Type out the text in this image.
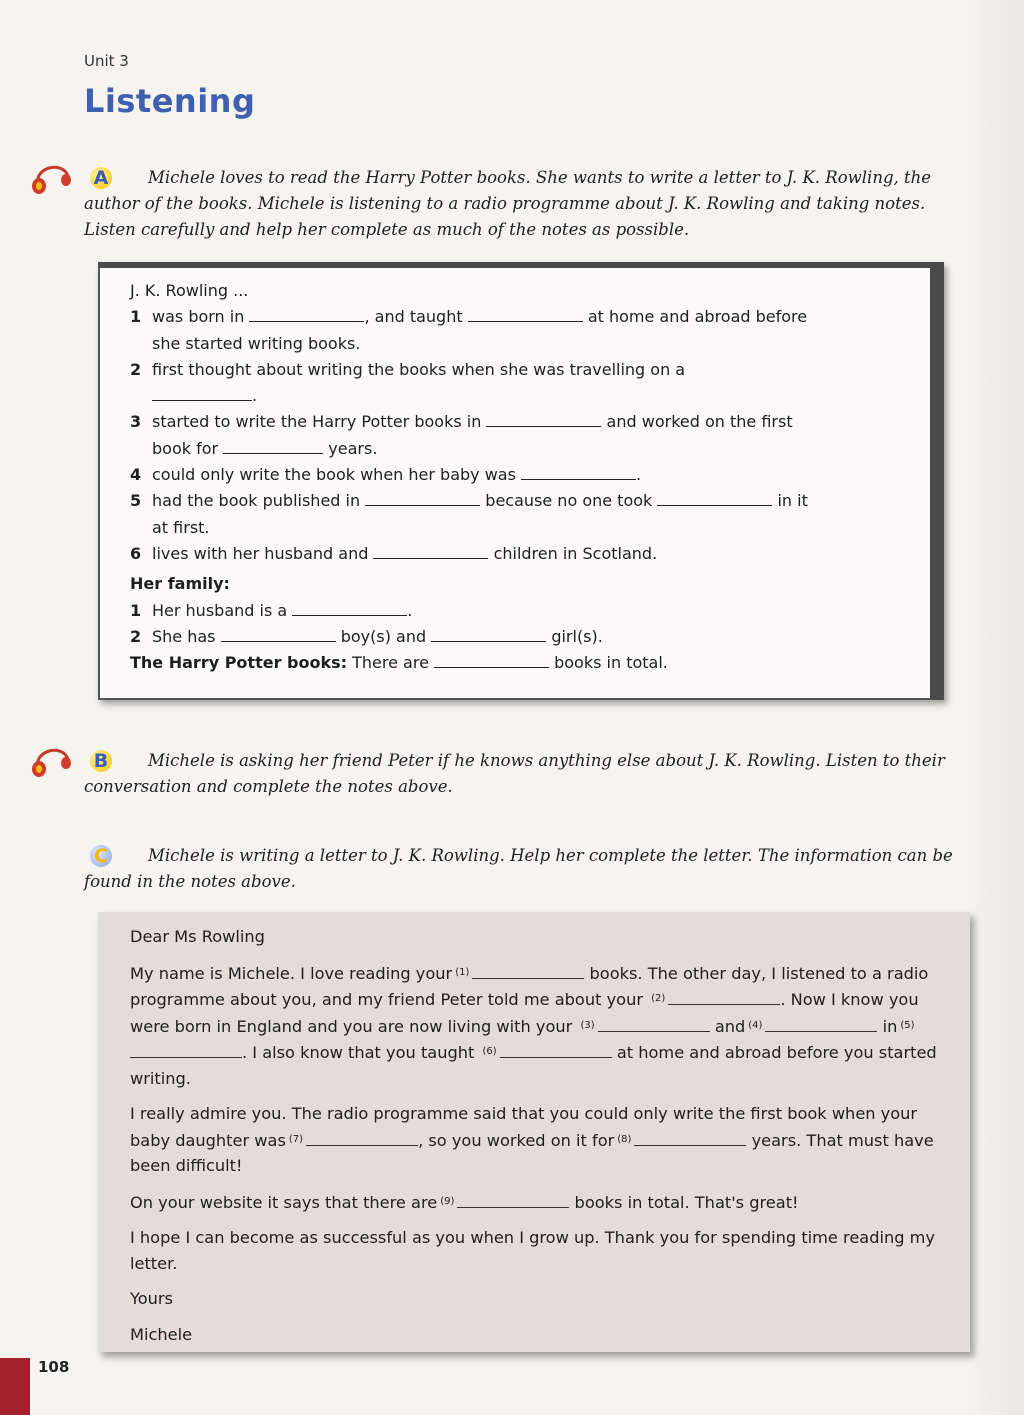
Unit 3
Listening
A Michele loves to read the Harry Potter books. She wants to write a letter to J. K. Rowling, the author of the books. Michele is listening to a radio programme about J. K. Rowling and taking notes. Listen carefully and help her complete as much of the notes as possible.
J. K. Rowling ...
1 was born in	, and taught	at home and abroad before
she started writing books.
2 first thought about writing the books when she was travelling on a
.
3 started to write the Harry Potter books in	and worked on the first
book for	years.
4 could only write the book when her baby was	.
5 had the book published in	because no one took	in it
at first.
6 lives with her husband and	children in Scotland.
Her family:
1 Her husband is a	.
2 She has	boy(s) and	girl(s).
The Harry Potter books: There are	books in total.
B Michele is asking her friend Peter if he knows anything else about J. K. Rowling. Listen to their conversation and complete the notes above.
C Michele is writing a letter to J. K. Rowling. Help her complete the letter. The information can be found in the notes above.

Dear Ms Rowling

My name is Michele. I love reading your $^{(1)}$	books. The other day, I listened to a radio programme about you, and my friend Peter told me about your $^{(2)}$	. Now I know you were born in England and you are now living with your $^{(3)}$	and $^{(4)}$	in $^{(5)}$. I also know that you taught $^{(6)}$	at home and abroad before you started writing.

I really admire you. The radio programme said that you could only write the first book when your baby daughter was $^{(7)}$	, so you worked on it for $^{(8)}$	years. That must have been difficult!

On your website it says that there are $^{(9)}$	books in total. That's great!

I hope I can become as successful as you when I grow up. Thank you for spending time reading my letter.

Yours

Michele

108
